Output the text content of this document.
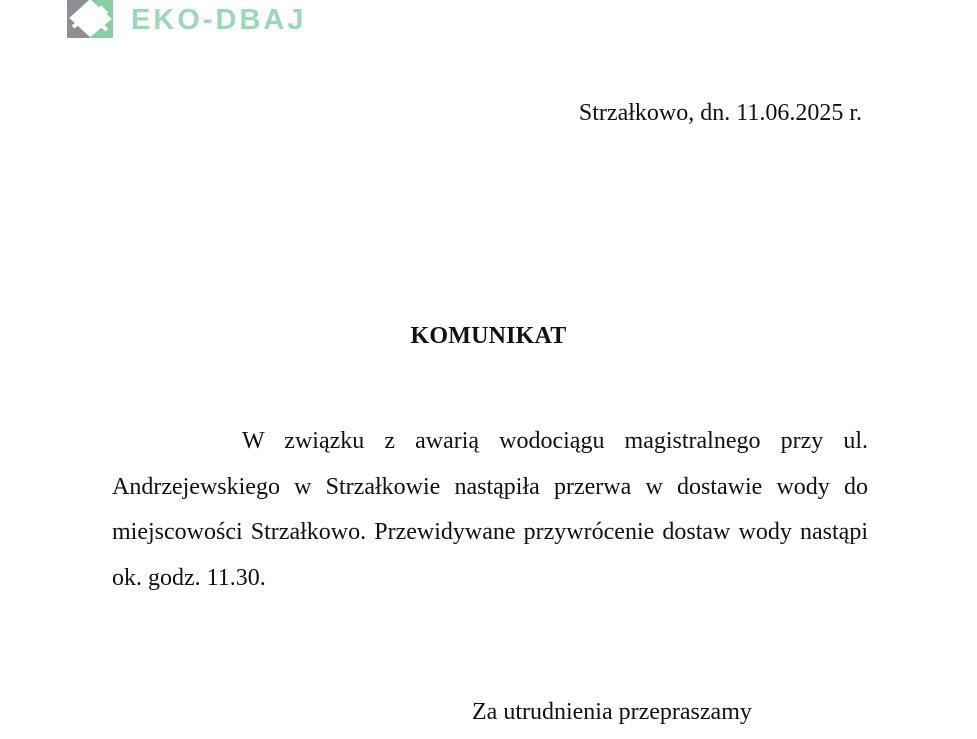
EKO-DBAJ
Strzałkowo, dn. 11.06.2025 r.
KOMUNIKAT

W związku z awarią wodociągu magistralnego przy ul. Andrzejewskiego w Strzałkowie nastąpiła przerwa w dostawie wody do miejscowości Strzałkowo. Przewidywane przywrócenie dostaw wody nastąpi ok. godz. 11.30.

Za utrudnienia przepraszamy
